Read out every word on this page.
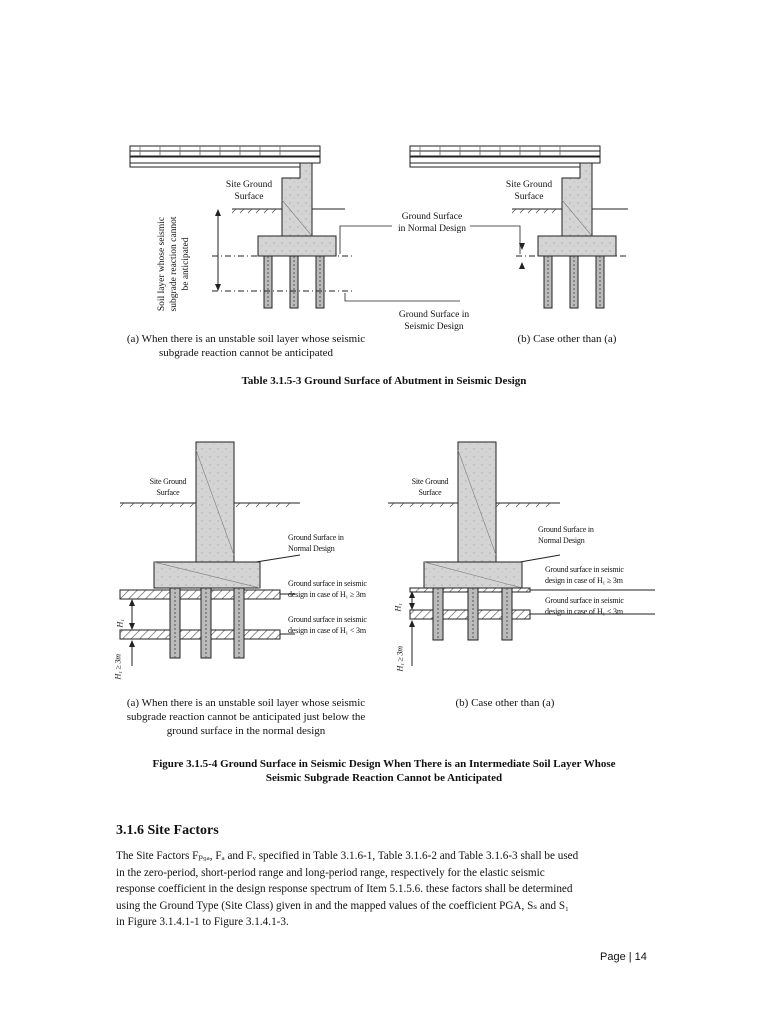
Site Ground
Surface
Soil layer whose seismic subgrade reaction cannot be anticipated
Ground Surface
in Normal Design
Ground Surface in
Seismic Design
Site Ground
Surface
(a) When there is an unstable soil layer whose seismic
subgrade reaction cannot be anticipated
(b) Case other than (a)
Table 3.1.5-3 Ground Surface of Abutment in Seismic Design
Site Ground
Surface
Ground Surface in
Normal Design
Ground surface in seismic
design in case of H₁ ≥ 3m
Ground surface in seismic
design in case of H₁ < 3m
H₁
H₁ ≥ 3m
Site Ground
Surface
Ground Surface in
Normal Design
Ground surface in seismic
design in case of H₁ ≥ 3m
Ground surface in seismic
design in case of H₁ < 3m
H₁
H₁ ≥ 3m
(a) When there is an unstable soil layer whose seismic
subgrade reaction cannot be anticipated just below the
ground surface in the normal design
(b) Case other than (a)
Figure 3.1.5-4 Ground Surface in Seismic Design When There is an Intermediate Soil Layer Whose
Seismic Subgrade Reaction Cannot be Anticipated
3.1.6 Site Factors
The Site Factors Fₚ₉ₐ, Fₐ and Fᵥ specified in Table 3.1.6-1, Table 3.1.6-2 and Table 3.1.6-3 shall be used
in the zero-period, short-period range and long-period range, respectively for the elastic seismic
response coefficient in the design response spectrum of Item 5.1.5.6. these factors shall be determined
using the Ground Type (Site Class) given in and the mapped values of the coefficient PGA, Sₛ and S₁
in Figure 3.1.4.1-1 to Figure 3.1.4.1-3.
Page | 14
